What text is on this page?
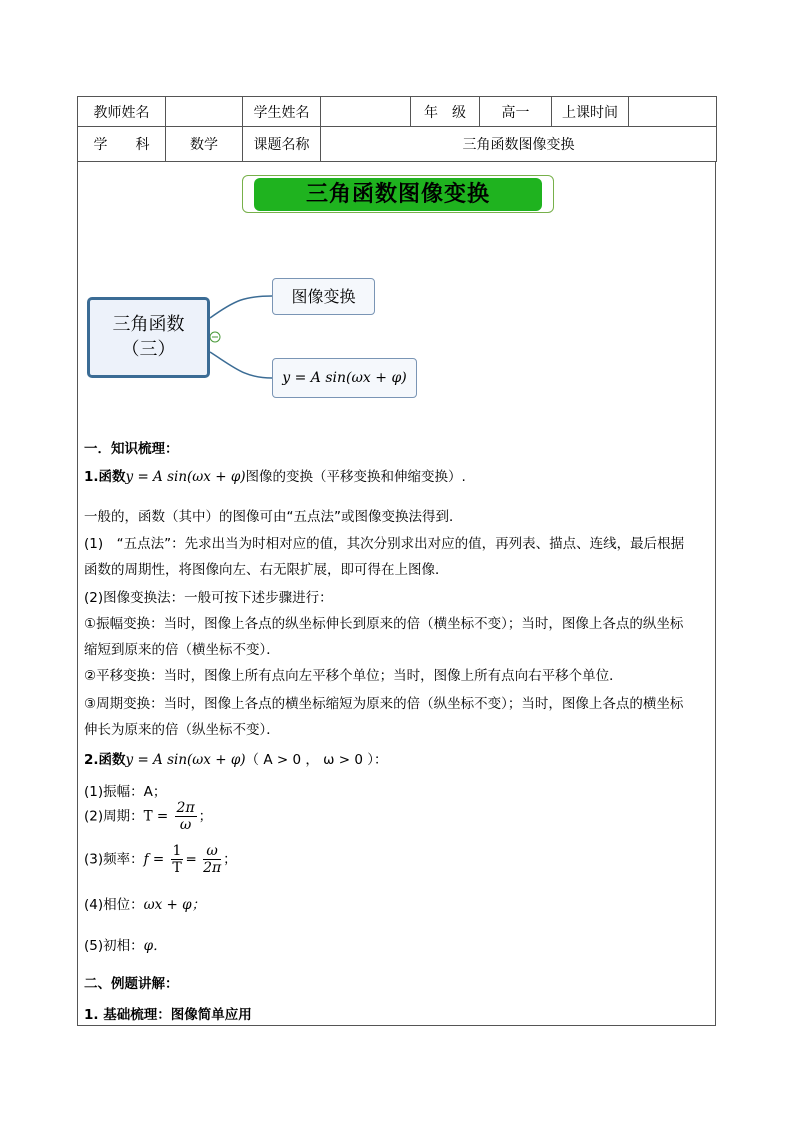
教师姓名		学生姓名		年　级	高一	上课时间	
学　　科	数学	课题名称	三角函数图像变换				
三角函数图像变换
三角函数
（三）
图像变换
y = A sin(ωx + φ)
一．知识梳理：
1.函数y = A sin(ωx + φ)图像的变换（平移变换和伸缩变换）.
一般的，函数（其中）的图像可由“五点法”或图像变换法得到．
(1)　“五点法”：先求出当为时相对应的值，其次分别求出对应的值，再列表、描点、连线，最后根据
函数的周期性，将图像向左、右无限扩展，即可得在上图像．
(2)图像变换法：一般可按下述步骤进行：
①振幅变换：当时，图像上各点的纵坐标伸长到原来的倍（横坐标不变）；当时，图像上各点的纵坐标
缩短到原来的倍（横坐标不变）．
②平移变换：当时，图像上所有点向左平移个单位；当时，图像上所有点向右平移个单位．
③周期变换：当时，图像上各点的横坐标缩短为原来的倍（纵坐标不变）；当时，图像上各点的横坐标
伸长为原来的倍（纵坐标不变）．
2.函数y = A sin(ωx + φ)（ A > 0 ， ω > 0 ）：
(1)振幅：A；
(2)周期：$T = \frac{2\pi}{\omega}$ ；
(3)频率：$f = \frac{1}{T} = \frac{\omega}{2\pi}$ ；
(4)相位：ωx + φ；
(5)初相：φ．
二、例题讲解：
1. 基础梳理：图像简单应用
